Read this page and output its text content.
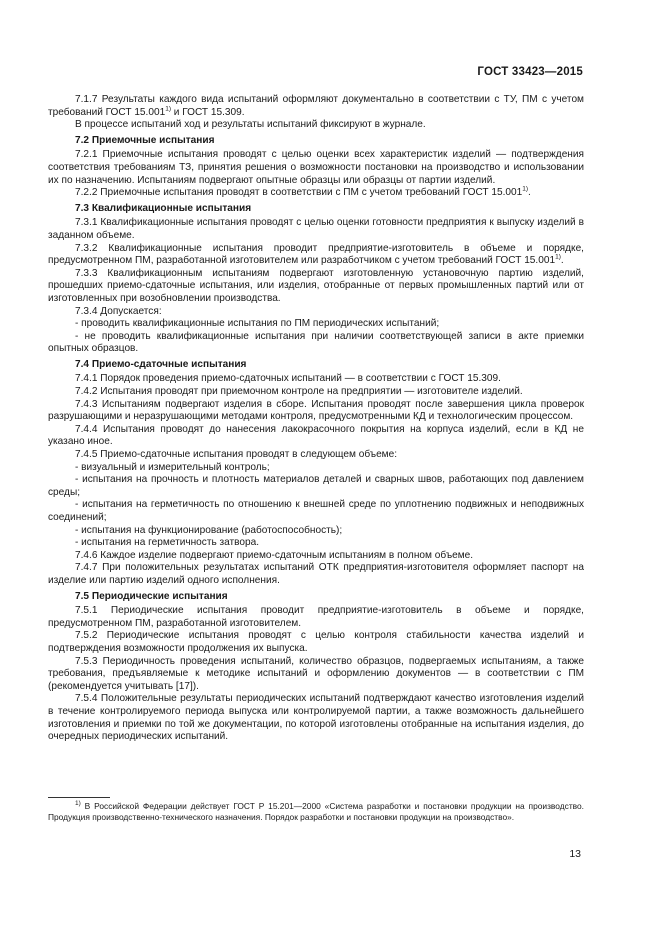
ГОСТ 33423—2015

7.1.7 Результаты каждого вида испытаний оформляют документально в соответствии с ТУ, ПМ с учетом требований ГОСТ 15.001$^{1)}$ и ГОСТ 15.309.

В процессе испытаний ход и результаты испытаний фиксируют в журнале.

7.2 Приемочные испытания

7.2.1 Приемочные испытания проводят с целью оценки всех характеристик изделий — подтверждения соответствия требованиям ТЗ, принятия решения о возможности постановки на производство и использовании их по назначению. Испытаниям подвергают опытные образцы или образцы от партии изделий.

7.2.2 Приемочные испытания проводят в соответствии с ПМ с учетом требований ГОСТ 15.001$^{1)}$.

7.3 Квалификационные испытания

7.3.1 Квалификационные испытания проводят с целью оценки готовности предприятия к выпуску изделий в заданном объеме.

7.3.2 Квалификационные испытания проводит предприятие-изготовитель в объеме и порядке, предусмотренном ПМ, разработанной изготовителем или разработчиком с учетом требований ГОСТ 15.001$^{1)}$.

7.3.3 Квалификационным испытаниям подвергают изготовленную установочную партию изделий, прошедших приемо-сдаточные испытания, или изделия, отобранные от первых промышленных партий или от изготовленных при возобновлении производства.

7.3.4 Допускается:

- проводить квалификационные испытания по ПМ периодических испытаний;

- не проводить квалификационные испытания при наличии соответствующей записи в акте приемки опытных образцов.

7.4 Приемо-сдаточные испытания

7.4.1 Порядок проведения приемо-сдаточных испытаний — в соответствии с ГОСТ 15.309.

7.4.2 Испытания проводят при приемочном контроле на предприятии — изготовителе изделий.

7.4.3 Испытаниям подвергают изделия в сборе. Испытания проводят после завершения цикла проверок разрушающими и неразрушающими методами контроля, предусмотренными КД и технологическим процессом.

7.4.4 Испытания проводят до нанесения лакокрасочного покрытия на корпуса изделий, если в КД не указано иное.

7.4.5 Приемо-сдаточные испытания проводят в следующем объеме:

- визуальный и измерительный контроль;

- испытания на прочность и плотность материалов деталей и сварных швов, работающих под давлением среды;

- испытания на герметичность по отношению к внешней среде по уплотнению подвижных и неподвижных соединений;

- испытания на функционирование (работоспособность);

- испытания на герметичность затвора.

7.4.6 Каждое изделие подвергают приемо-сдаточным испытаниям в полном объеме.

7.4.7 При положительных результатах испытаний ОТК предприятия-изготовителя оформляет паспорт на изделие или партию изделий одного исполнения.

7.5 Периодические испытания

7.5.1 Периодические испытания проводит предприятие-изготовитель в объеме и порядке, предусмотренном ПМ, разработанной изготовителем.

7.5.2 Периодические испытания проводят с целью контроля стабильности качества изделий и подтверждения возможности продолжения их выпуска.

7.5.3 Периодичность проведения испытаний, количество образцов, подвергаемых испытаниям, а также требования, предъявляемые к методике испытаний и оформлению документов — в соответствии с ПМ (рекомендуется учитывать [17]).

7.5.4 Положительные результаты периодических испытаний подтверждают качество изготовления изделий в течение контролируемого периода выпуска или контролируемой партии, а также возможность дальнейшего изготовления и приемки по той же документации, по которой изготовлены отобранные на испытания изделия, до очередных периодических испытаний.

$^{1)}$ В Российской Федерации действует ГОСТ Р 15.201—2000 «Система разработки и постановки продукции на производство. Продукция производственно-технического назначения. Порядок разработки и постановки продукции на производство».

13
